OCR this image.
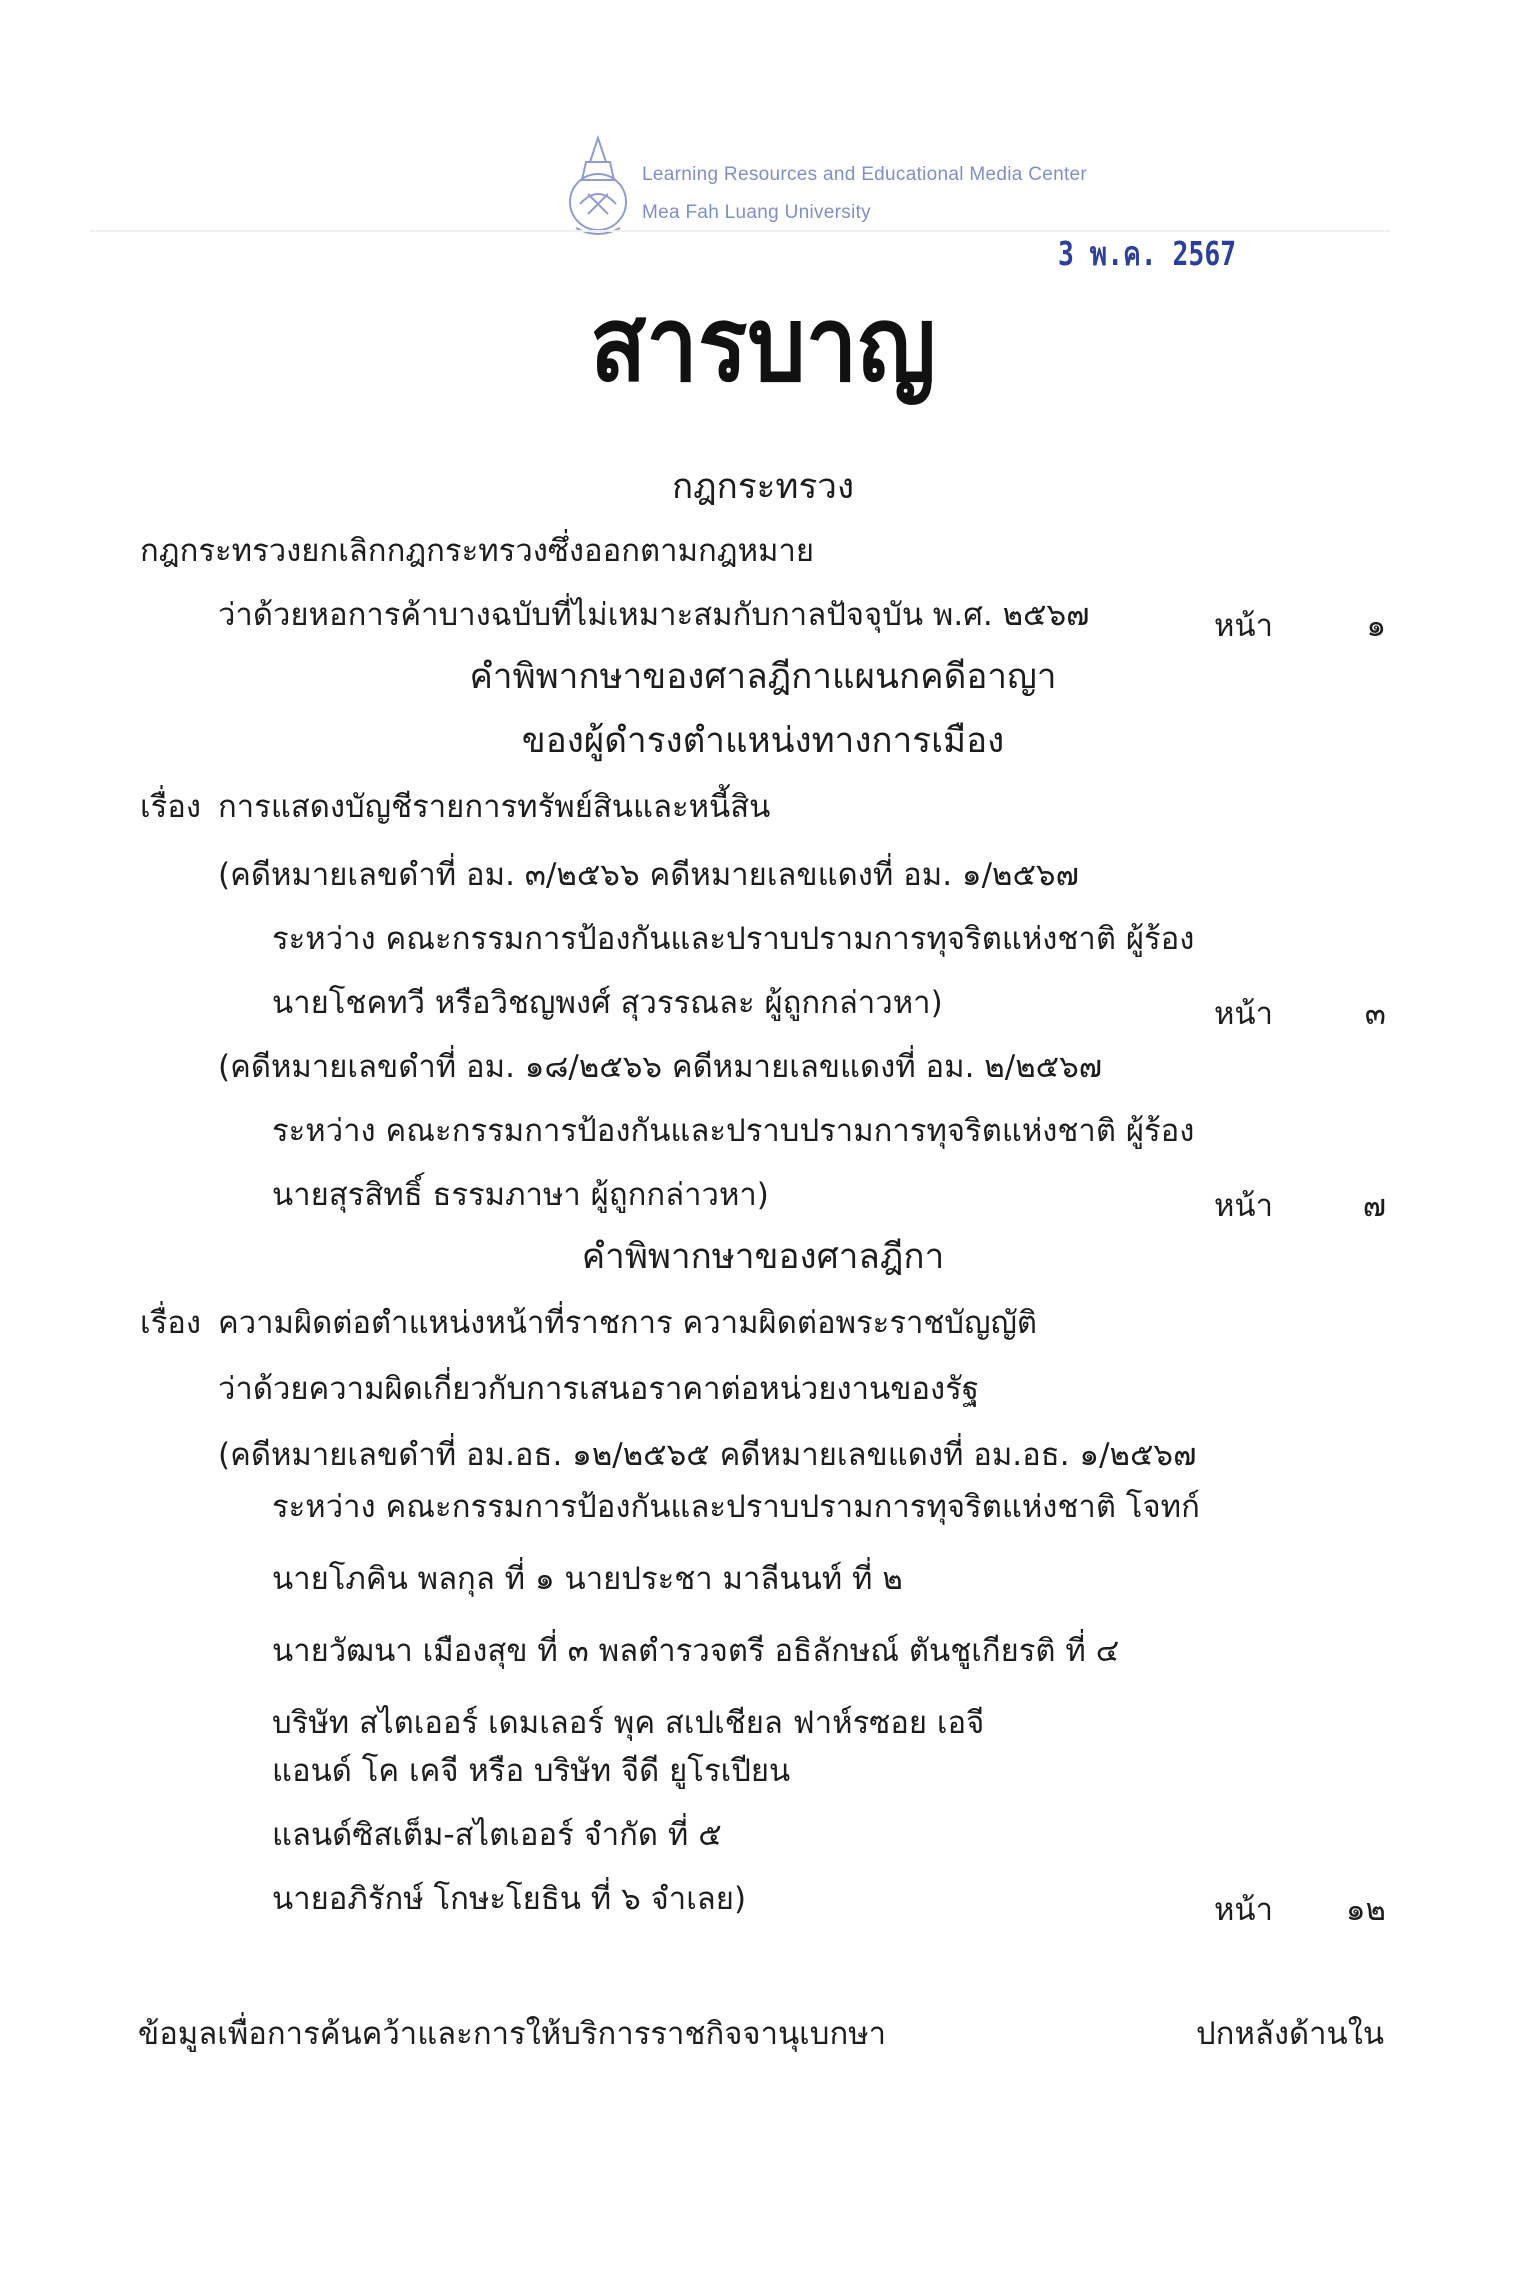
Learning Resources and Educational Media Center
Mea Fah Luang University
3 พ.ค. 2567
สารบาญ
กฎกระทรวง
กฎกระทรวงยกเลิกกฎกระทรวงซึ่งออกตามกฎหมาย
ว่าด้วยหอการค้าบางฉบับที่ไม่เหมาะสมกับกาลปัจจุบัน พ.ศ. ๒๕๖๗	หน้า	๑
คำพิพากษาของศาลฎีกาแผนกคดีอาญา
ของผู้ดำรงตำแหน่งทางการเมือง
เรื่อง การแสดงบัญชีรายการทรัพย์สินและหนี้สิน
(คดีหมายเลขดำที่ อม. ๓/๒๕๖๖ คดีหมายเลขแดงที่ อม. ๑/๒๕๖๗
ระหว่าง คณะกรรมการป้องกันและปราบปรามการทุจริตแห่งชาติ ผู้ร้อง
นายโชคทวี หรือวิชญพงศ์ สุวรรณละ ผู้ถูกกล่าวหา)	หน้า	๓
(คดีหมายเลขดำที่ อม. ๑๘/๒๕๖๖ คดีหมายเลขแดงที่ อม. ๒/๒๕๖๗
ระหว่าง คณะกรรมการป้องกันและปราบปรามการทุจริตแห่งชาติ ผู้ร้อง
นายสุรสิทธิ์ ธรรมภาษา ผู้ถูกกล่าวหา)	หน้า	๗
คำพิพากษาของศาลฎีกา
เรื่อง ความผิดต่อตำแหน่งหน้าที่ราชการ ความผิดต่อพระราชบัญญัติ
ว่าด้วยความผิดเกี่ยวกับการเสนอราคาต่อหน่วยงานของรัฐ
(คดีหมายเลขดำที่ อม.อธ. ๑๒/๒๕๖๕ คดีหมายเลขแดงที่ อม.อธ. ๑/๒๕๖๗
ระหว่าง คณะกรรมการป้องกันและปราบปรามการทุจริตแห่งชาติ โจทก์
นายโภคิน พลกุล ที่ ๑ นายประชา มาลีนนท์ ที่ ๒
นายวัฒนา เมืองสุข ที่ ๓ พลตำรวจตรี อธิลักษณ์ ตันชูเกียรติ ที่ ๔
บริษัท สไตเออร์ เดมเลอร์ พุค สเปเชียล ฟาห์รซอย เอจี
แอนด์ โค เคจี หรือ บริษัท จีดี ยูโรเปียน
แลนด์ซิสเต็ม-สไตเออร์ จำกัด ที่ ๕
นายอภิรักษ์ โกษะโยธิน ที่ ๖ จำเลย)	หน้า	๑๒
ข้อมูลเพื่อการค้นคว้าและการให้บริการราชกิจจานุเบกษา	ปกหลังด้านใน
